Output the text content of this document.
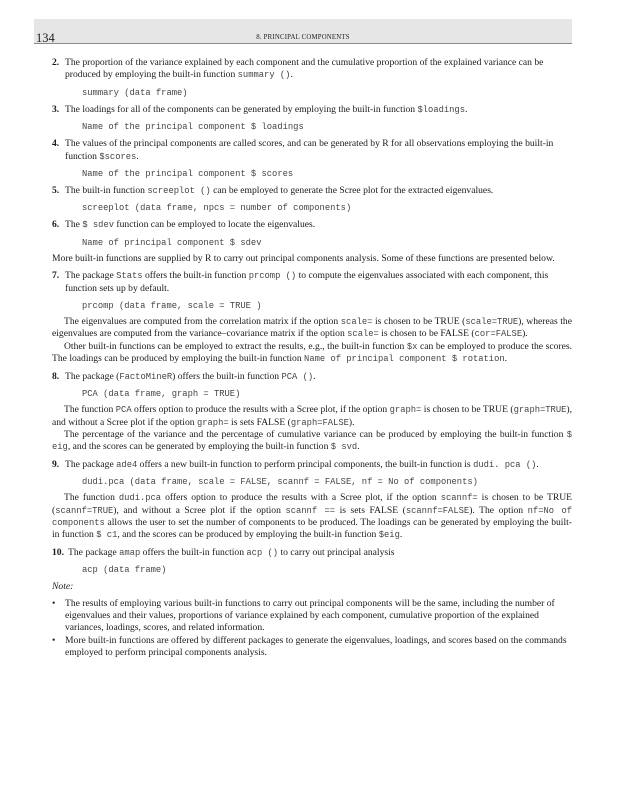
134	8. PRINCIPAL COMPONENTS
2. The proportion of the variance explained by each component and the cumulative proportion of the explained variance can be produced by employing the built-in function summary ().

summary (data frame)
3. The loadings for all of the components can be generated by employing the built-in function $loadings.

Name of the principal component $ loadings
4. The values of the principal components are called scores, and can be generated by R for all observations employing the built-in function $scores.

Name of the principal component $ scores
5. The built-in function screeplot () can be employed to generate the Scree plot for the extracted eigenvalues.

screeplot (data frame, npcs = number of components)
6. The $ sdev function can be employed to locate the eigenvalues.

Name of principal component $ sdev

More built-in functions are supplied by R to carry out principal components analysis. Some of these functions are presented below.

7. The package Stats offers the built-in function prcomp () to compute the eigenvalues associated with each component, this function sets up by default.

prcomp (data frame, scale = TRUE )

The eigenvalues are computed from the correlation matrix if the option scale= is chosen to be TRUE (scale=TRUE), whereas the eigenvalues are computed from the variance–covariance matrix if the option scale= is chosen to be FALSE (cor=FALSE).

Other built-in functions can be employed to extract the results, e.g., the built-in function $x can be employed to produce the scores. The loadings can be produced by employing the built-in function Name of principal component $ rotation.

8. The package (FactoMineR) offers the built-in function PCA ().

PCA (data frame, graph = TRUE)

The function PCA offers option to produce the results with a Scree plot, if the option graph= is chosen to be TRUE (graph=TRUE), and without a Scree plot if the option graph= is sets FALSE (graph=FALSE).

The percentage of the variance and the percentage of cumulative variance can be produced by employing the built-in function $ eig, and the scores can be generated by employing the built-in function $ svd.

9. The package ade4 offers a new built-in function to perform principal components, the built-in function is dudi. pca ().

dudi.pca (data frame, scale = FALSE, scannf = FALSE, nf = No of components)

The function dudi.pca offers option to produce the results with a Scree plot, if the option scannf= is chosen to be TRUE (scannf=TRUE), and without a Scree plot if the option scannf == is sets FALSE (scannf=FALSE). The option nf=No of components allows the user to set the number of components to be produced. The loadings can be generated by employing the built-in function $ c1, and the scores can be produced by employing the built-in function $eig.

10. The package amap offers the built-in function acp () to carry out principal analysis

acp (data frame)

Note:

• The results of employing various built-in functions to carry out principal components will be the same, including the number of eigenvalues and their values, proportions of variance explained by each component, cumulative proportion of the explained variances, loadings, scores, and related information.

• More built-in functions are offered by different packages to generate the eigenvalues, loadings, and scores based on the commands employed to perform principal components analysis.
